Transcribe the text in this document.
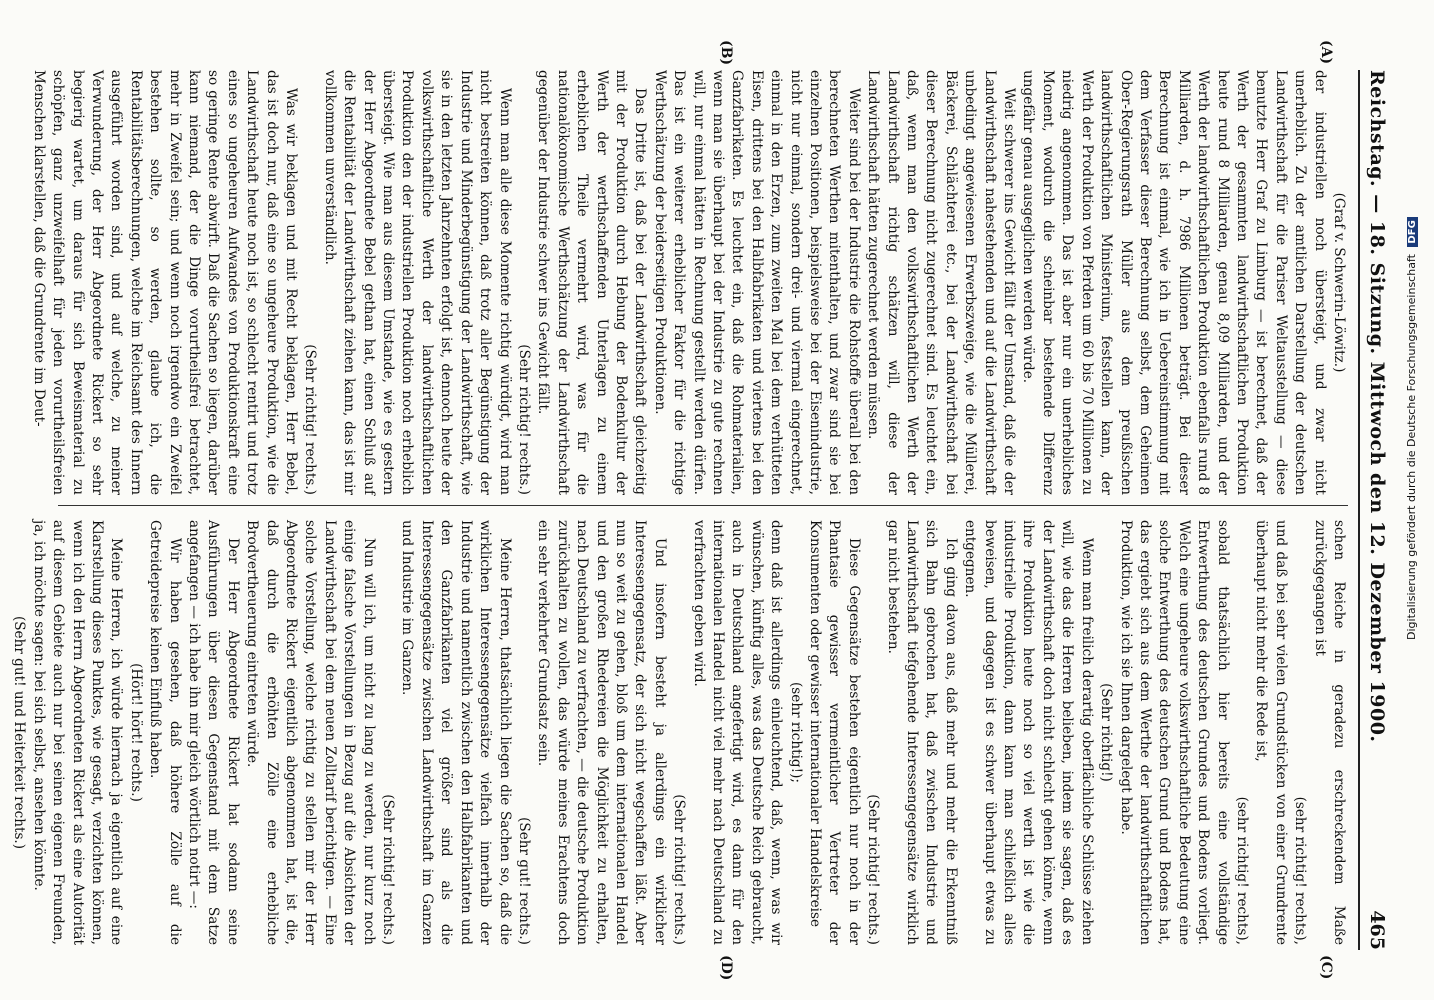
Reichstag. — 18. Sitzung. Mittwoch den 12. Dezember 1900.
465
(A)
(B)
(C)
(D)

(Graf v. Schwerin-Löwitz.)

der industriellen noch übersteigt, und zwar nicht unerheblich. Zu der amtlichen Darstellung der deutschen Landwirthschaft für die Pariser Weltausstellung — diese benutzte Herr Graf zu Limburg — ist berechnet, daß der Werth der gesammten landwirthschaftlichen Produktion heute rund 8 Milliarden, genau 8,09 Milliarden, und der Werth der landwirthschaftlichen Produktion ebenfalls rund 8 Milliarden, d. h. 7986 Millionen beträgt. Bei dieser Berechnung ist einmal, wie ich in Uebereinstimmung mit dem Verfasser dieser Berechnung selbst, dem Geheimen Ober-Regierungsrath Müller aus dem preußischen landwirthschaftlichen Ministerium, feststellen kann, der Werth der Produktion von Pferden um 60 bis 70 Millionen zu niedrig angenommen. Das ist aber nur ein unerhebliches Moment, wodurch die scheinbar bestehende Differenz ungefähr genau ausgeglichen werden würde.

Weit schwerer ins Gewicht fällt der Umstand, daß die der Landwirthschaft nahestehenden und auf die Landwirthschaft unbedingt angewiesenen Erwerbszweige, wie die Müllerei, Bäckerei, Schlächterei etc., bei der Landwirthschaft bei dieser Berechnung nicht zugerechnet sind. Es leuchtet ein, daß, wenn man den volkswirthschaftlichen Werth der Landwirthschaft richtig schätzen will, diese der Landwirthschaft hätten zugerechnet werden müssen.

Weiter sind bei der Industrie die Rohstoffe überall bei den berechneten Werthen mitenthalten, und zwar sind sie bei einzelnen Positionen, beispielsweise bei der Eisenindustrie, nicht nur einmal, sondern drei- und viermal eingerechnet, einmal in den Erzen, zum zweiten Mal bei dem verhütteten Eisen, drittens bei den Halbfabrikaten und viertens bei den Ganzfabrikaten. Es leuchtet ein, daß die Rohmaterialien, wenn man sie überhaupt bei der Industrie zu gute rechnen will, nur einmal hätten in Rechnung gestellt werden dürfen. Das ist ein weiterer erheblicher Faktor für die richtige Werthschätzung der beiderseitigen Produktionen.

Das Dritte ist, daß bei der Landwirthschaft gleichzeitig mit der Produktion durch Hebung der Bodenkultur der Werth der werthschaffenden Unterlagen zu einem erheblichen Theile vermehrt wird, was für die nationalökonomische Werthschätzung der Landwirthschaft gegenüber der Industrie schwer ins Gewicht fällt.

(Sehr richtig! rechts.)

Wenn man alle diese Momente richtig würdigt, wird man nicht bestreiten können, daß trotz aller Begünstigung der Industrie und Minderbegünstigung der Landwirthschaft, wie sie in den letzten Jahrzehnten erfolgt ist, dennoch heute der volkswirthschaftliche Werth der landwirthschaftlichen Produktion den der industriellen Produktion noch erheblich übersteigt. Wie man aus diesem Umstande, wie es gestern der Herr Abgeordnete Bebel gethan hat, einen Schluß auf die Rentabilität der Landwirthschaft ziehen kann, das ist mir vollkommen unverständlich.

(Sehr richtig! rechts.)

Was wir beklagen und mit Recht beklagen, Herr Bebel, das ist doch nur, daß eine so ungeheure Produktion, wie die Landwirthschaft heute noch ist, so schlecht rentirt und trotz eines so ungeheuren Aufwandes von Produktionskraft eine so geringe Rente abwirft. Daß die Sachen so liegen, darüber kann niemand, der die Dinge vorurtheilsfrei betrachtet, mehr in Zweifel sein; und wenn noch irgendwo ein Zweifel bestehen sollte, so werden, glaube ich, die Rentabilitätsberechnungen, welche im Reichsamt des Innern ausgeführt worden sind, und auf welche, zu meiner Verwunderung, der Herr Abgeordnete Rickert so sehr begierig wartet, um daraus für sich Beweismaterial zu schöpfen, ganz unzweifelhaft für jeden vorurtheilsfreien Menschen klarstellen, daß die Grundrente im Deut-

schen Reiche in geradezu erschreckendem Maße zurückgegangen ist

(sehr richtig! rechts),

und daß bei sehr vielen Grundstücken von einer Grundrente überhaupt nicht mehr die Rede ist,

(sehr richtig! rechts),

sobald thatsächlich hier bereits eine vollständige Entwerthung des deutschen Grundes und Bodens vorliegt. Welch eine ungeheure volkswirthschaftliche Bedeutung eine solche Entwerthung des deutschen Grund und Bodens hat, das ergiebt sich aus dem Werthe der landwirthschaftlichen Produktion, wie ich sie Ihnen dargelegt habe.

(Sehr richtig!)

Wenn man freilich derartig oberflächliche Schlüsse ziehen will, wie das die Herren belieben, indem sie sagen, daß es der Landwirthschaft doch nicht schlecht gehen könne, wenn ihre Produktion heute noch so viel werth ist wie die industrielle Produktion, dann kann man schließlich alles beweisen, und dagegen ist es schwer überhaupt etwas zu entgegnen.

Ich ging davon aus, daß mehr und mehr die Erkenntniß sich Bahn gebrochen hat, daß zwischen Industrie und Landwirthschaft tiefgehende Interessengegensätze wirklich gar nicht bestehen.

(Sehr richtig! rechts.)

Diese Gegensätze bestehen eigentlich nur noch in der Phantasie gewisser vermeintlicher Vertreter der Konsumenten oder gewisser internationaler Handelskreise

(sehr richtig!);

denn daß ist allerdings einleuchtend, daß, wenn, was wir wünschen, künftig alles, was das Deutsche Reich gebraucht, auch in Deutschland angefertigt wird, es dann für den internationalen Handel nicht viel mehr nach Deutschland zu verfrachten geben wird.

(Sehr richtig! rechts.)

Und insofern besteht ja allerdings ein wirklicher Interessengegensatz, der sich nicht wegschaffen läßt. Aber nun so weit zu gehen, bloß um dem internationalen Handel und den großen Rhedereien die Möglichkeit zu erhalten, nach Deutschland zu verfrachten, — die deutsche Produktion zurückhalten zu wollen, das würde meines Erachtens doch ein sehr verkehrter Grundsatz sein.

(Sehr gut! rechts.)

Meine Herren, thatsächlich liegen die Sachen so, daß die wirklichen Interessengegensätze vielfach innerhalb der Industrie und namentlich zwischen den Halbfabrikanten und den Ganzfabrikanten viel größer sind als die Interessengegensätze zwischen Landwirthschaft im Ganzen und Industrie im Ganzen.

(Sehr richtig! rechts.)

Nun will ich, um nicht zu lang zu werden, nur kurz noch einige falsche Vorstellungen in Bezug auf die Absichten der Landwirthschaft bei dem neuen Zolltarif berichtigen. — Eine solche Vorstellung, welche richtig zu stellen mir der Herr Abgeordnete Rickert eigentlich abgenommen hat, ist die, daß durch die erhöhten Zölle eine erhebliche Brodvertheuerung eintreten würde.

Der Herr Abgeordnete Rickert hat sodann seine Ausführungen über diesen Gegenstand mit dem Satze angefangen — ich habe ihn mir gleich wörtlich notirt —:

Wir haben gesehen, daß höhere Zölle auf die Getreidepreise keinen Einfluß haben.

(Hört! hört! rechts.)

Meine Herren, ich würde hiernach ja eigentlich auf eine Klarstellung dieses Punktes, wie gesagt, verzichten können, wenn ich den Herrn Abgeordneten Rickert als eine Autorität auf diesem Gebiete auch nur bei seinen eigenen Freunden, ja, ich möchte sagen: bei sich selbst, ansehen könnte.

(Sehr gut! und Heiterkeit rechts.)

Digitalisierung gefördert durch die Deutsche Forschungsgemeinschaft DFG
